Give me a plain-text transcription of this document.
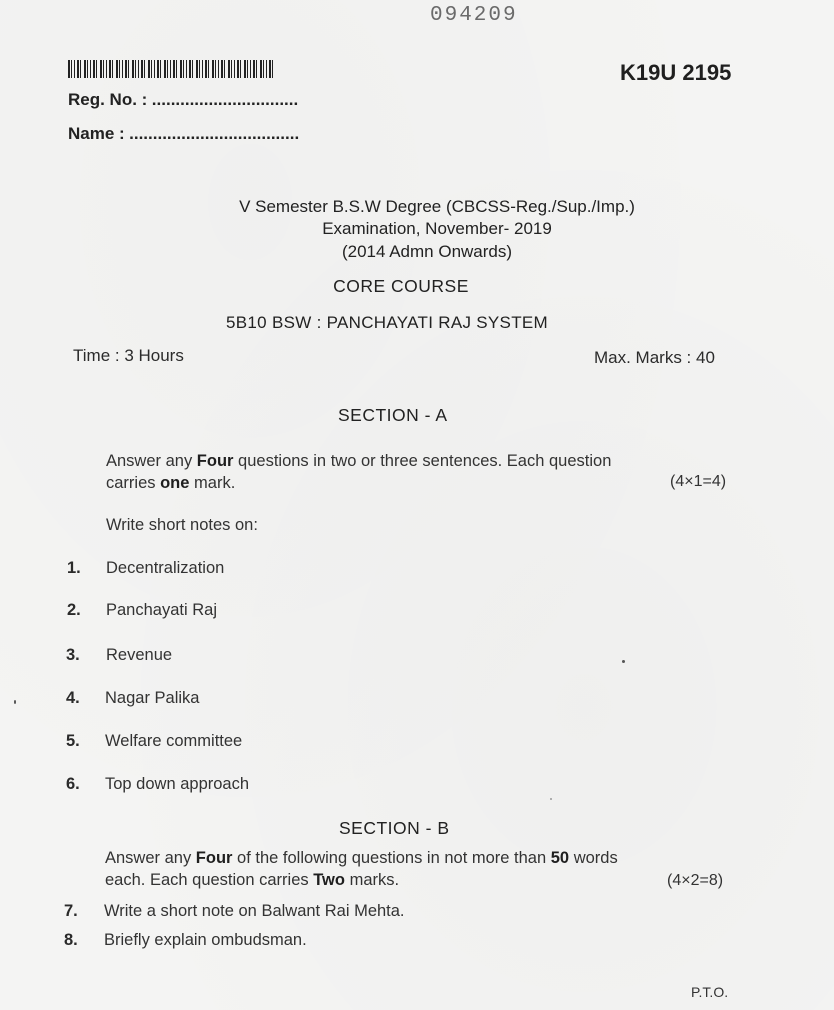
094209
K19U 2195
Reg. No. : ...............................
Name : ....................................
V Semester B.S.W Degree (CBCSS-Reg./Sup./Imp.)
Examination, November- 2019
(2014 Admn Onwards)
CORE COURSE
5B10 BSW : PANCHAYATI RAJ SYSTEM
Time : 3 Hours	Max. Marks : 40
SECTION - A
Answer any Four questions in two or three sentences. Each question
carries one mark.	(4×1=4)
Write short notes on:
1. Decentralization
2. Panchayati Raj
3. Revenue
4. Nagar Palika
5. Welfare committee
6. Top down approach
SECTION - B
Answer any Four of the following questions in not more than 50 words
each. Each question carries Two marks.	(4×2=8)
7. Write a short note on Balwant Rai Mehta.
8. Briefly explain ombudsman.
P.T.O.
